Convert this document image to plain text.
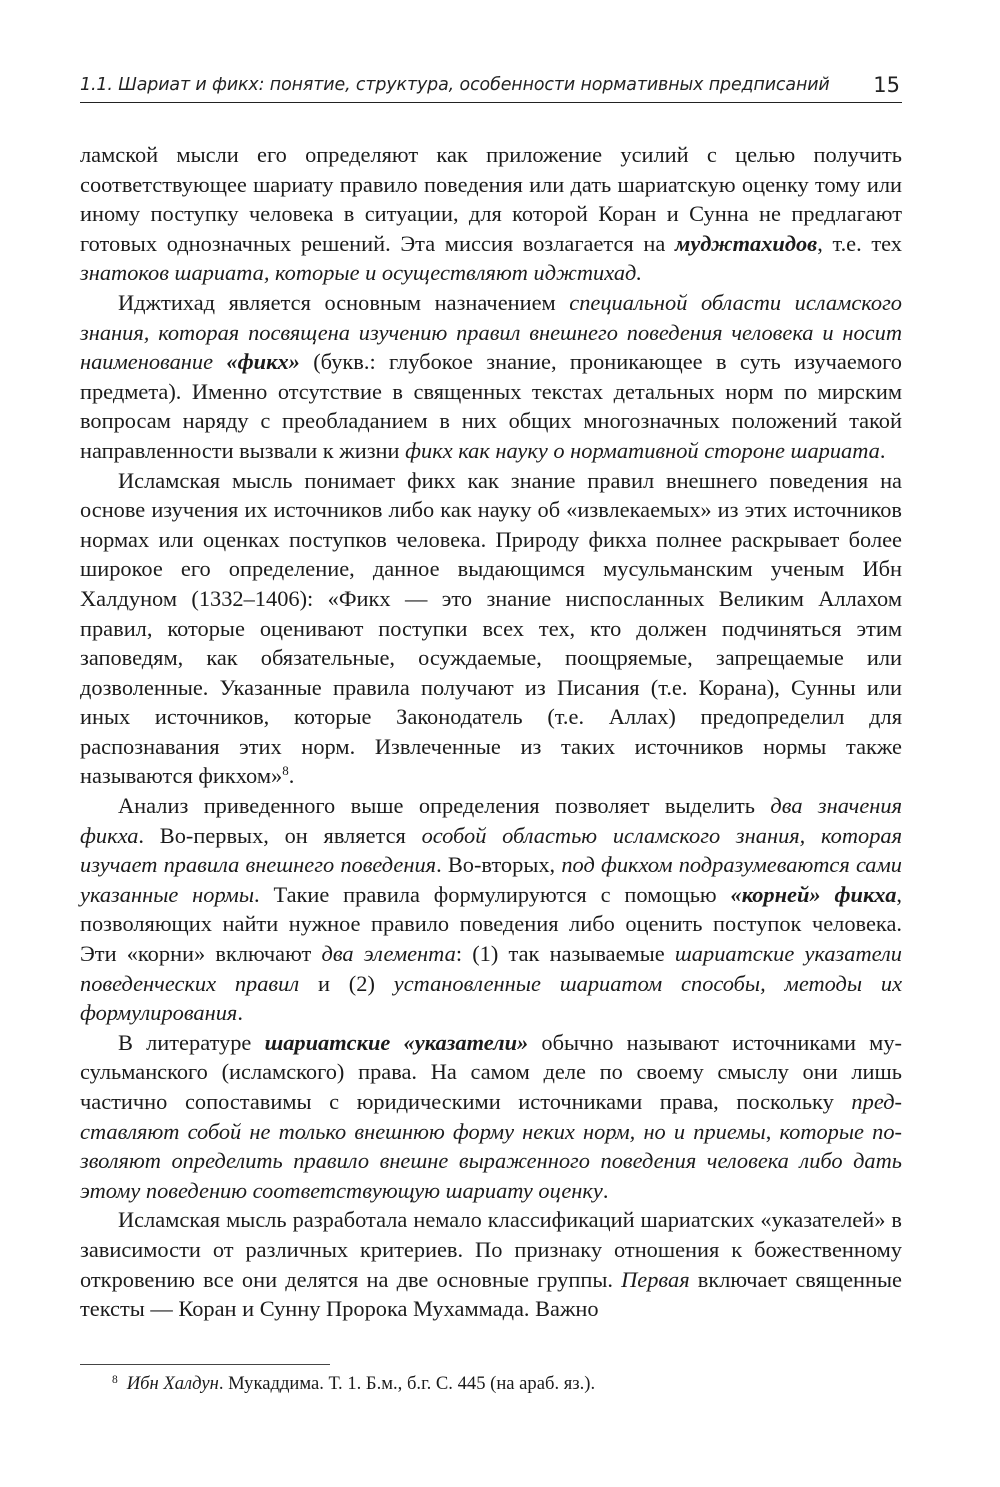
1.1. Шариат и фикх: понятие, структура, особенности нормативных предписаний 15

ламской мысли его определяют как приложение усилий с целью получить соответствующее шариату правило поведения или дать шариатскую оценку тому или иному поступку человека в ситуации, для которой Коран и Сунна не предлагают готовых однозначных решений. Эта миссия возлагается на муджтахидов, т.е. тех знатоков шариата, которые и осуществляют иджтихад.

Иджтихад является основным назначением специальной области исламского знания, которая посвящена изучению правил внешнего поведения человека и носит наименование «фикх» (букв.: глубокое знание, проникающее в суть изучаемого предмета). Именно отсутствие в священных текстах детальных норм по мирским вопросам наряду с преобладанием в них общих многозначных положений такой направленности вызвали к жизни фикх как науку о нормативной стороне шариата.

Исламская мысль понимает фикх как знание правил внешнего поведения на основе изучения их источников либо как науку об «извлекаемых» из этих источников нормах или оценках поступков человека. Природу фикха полнее раскрывает более широкое его определение, данное выдающимся мусульманским ученым Ибн Халдуном (1332–1406): «Фикх — это знание ниспосланных Великим Аллахом правил, которые оценивают поступки всех тех, кто должен подчиняться этим заповедям, как обязательные, осуждаемые, поощряемые, запрещаемые или дозволенные. Указанные правила получают из Писания (т.е. Корана), Сунны или иных источников, которые Законодатель (т.е. Аллах) предопределил для распознавания этих норм. Извлеченные из таких источников нормы также называются фикхом»$^8$.

Анализ приведенного выше определения позволяет выделить два значения фикха. Во-первых, он является особой областью исламского знания, которая изучает правила внешнего поведения. Во-вторых, под фикхом подразумеваются сами указанные нормы. Такие правила формулируются с помощью «корней» фикха, позволяющих найти нужное правило поведения либо оценить поступок человека. Эти «корни» включают два элемента: (1) так называемые шариатские указатели поведенческих правил и (2) установленные шариатом способы, методы их формулирования.

В литературе шариатские «указатели» обычно называют источниками мусульманского (исламского) права. На самом деле по своему смыслу они лишь частично сопоставимы с юридическими источниками права, поскольку представляют собой не только внешнюю форму неких норм, но и приемы, которые позволяют определить правило внешне выраженного поведения человека либо дать этому поведению соответствующую шариату оценку.

Исламская мысль разработала немало классификаций шариатских «указателей» в зависимости от различных критериев. По признаку отношения к божественному откровению все они делятся на две основные группы. Первая включает священные тексты — Коран и Сунну Пророка Мухаммада. Важно

$^8$ Ибн Халдун. Мукаддима. Т. 1. Б.м., б.г. С. 445 (на араб. яз.).
